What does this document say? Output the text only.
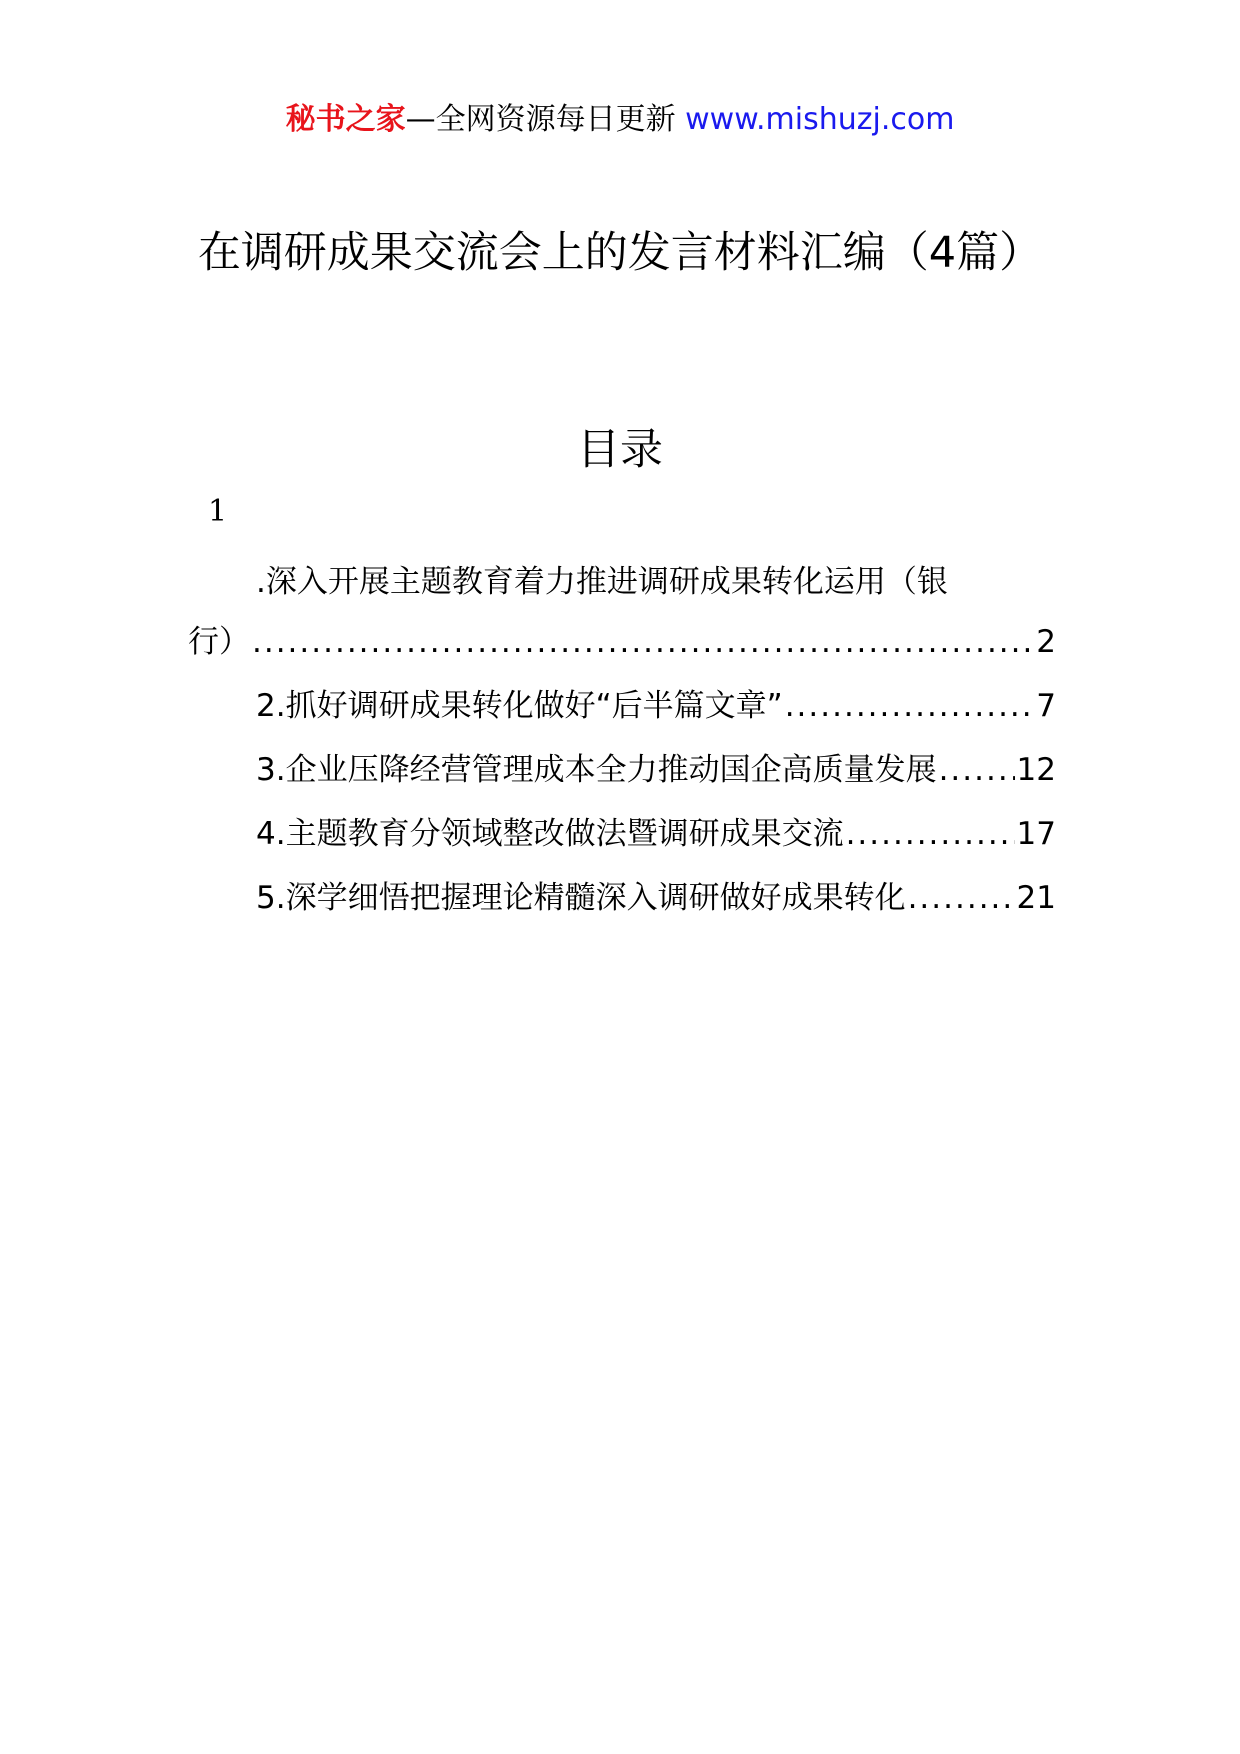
秘书之家—全网资源每日更新 www.mishuzj.com
在调研成果交流会上的发言材料汇编（4篇）
目录
1
.深入开展主题教育着力推进调研成果转化运用（银
行） .....	2
2.抓好调研成果转化做好“后半篇文章” .....	7
3.企业压降经营管理成本全力推动国企高质量发展 .....	12
4.主题教育分领域整改做法暨调研成果交流 .....	17
5.深学细悟把握理论精髓深入调研做好成果转化 .....	21
